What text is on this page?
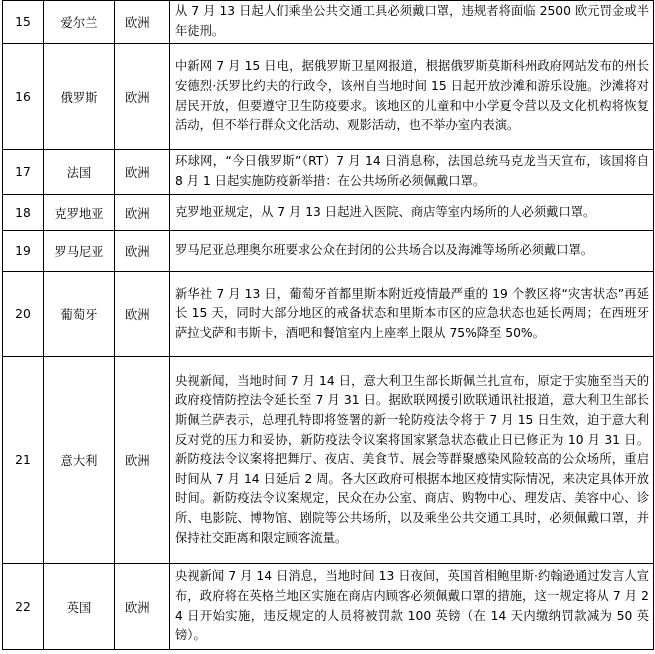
15	爱尔兰	欧洲	从 7 月 13 日起人们乘坐公共交通工具必须戴口罩，违规者将面临 2500 欧元罚金或半年徒刑。
16	俄罗斯	欧洲	中新网 7 月 15 日电，据俄罗斯卫星网报道，根据俄罗斯莫斯科州政府网站发布的州长安德烈·沃罗比约夫的行政令，该州自当地时间 15 日起开放沙滩和游乐设施。沙滩将对居民开放，但要遵守卫生防疫要求。该地区的儿童和中小学夏令营以及文化机构将恢复活动，但不举行群众文化活动、观影活动，也不举办室内表演。
17	法国	欧洲	环球网，“今日俄罗斯”（RT）7 月 14 日消息称，法国总统马克龙当天宣布，该国将自 8 月 1 日起实施防疫新举措：在公共场所必须佩戴口罩。
18	克罗地亚	欧洲	克罗地亚规定，从 7 月 13 日起进入医院、商店等室内场所的人必须戴口罩。
19	罗马尼亚	欧洲	罗马尼亚总理奥尔班要求公众在封闭的公共场合以及海滩等场所必须戴口罩。
20	葡萄牙	欧洲	新华社 7 月 13 日，葡萄牙首都里斯本附近疫情最严重的 19 个教区将“灾害状态”再延长 15 天，同时大部分地区的戒备状态和里斯本市区的应急状态也延长两周；在西班牙萨拉戈萨和韦斯卡，酒吧和餐馆室内上座率上限从 75%降至 50%。
21	意大利	欧洲	央视新闻，当地时间 7 月 14 日，意大利卫生部长斯佩兰扎宣布，原定于实施至当天的政府疫情防控法令延长至 7 月 31 日。据欧联网援引欧联通讯社报道，意大利卫生部长斯佩兰萨表示，总理孔特即将签署的新一轮防疫法令将于 7 月 15 日生效，迫于意大利反对党的压力和妥协，新防疫法令议案将国家紧急状态截止日已修正为 10 月 31 日。新防疫法令议案将把舞厅、夜店、美食节、展会等群聚感染风险较高的公众场所，重启时间从 7 月 14 日延后 2 周。各大区政府可根据本地区疫情实际情况，来决定具体开放时间。新防疫法令议案规定，民众在办公室、商店、购物中心、理发店、美容中心、诊所、电影院、博物馆、剧院等公共场所，以及乘坐公共交通工具时，必须佩戴口罩，并保持社交距离和限定顾客流量。
22	英国	欧洲	央视新闻 7 月 14 日消息，当地时间 13 日夜间，英国首相鲍里斯·约翰逊通过发言人宣布，政府将在英格兰地区实施在商店内顾客必须佩戴口罩的措施，这一规定将从 7 月 24 日开始实施，违反规定的人员将被罚款 100 英镑（在 14 天内缴纳罚款减为 50 英镑）。
